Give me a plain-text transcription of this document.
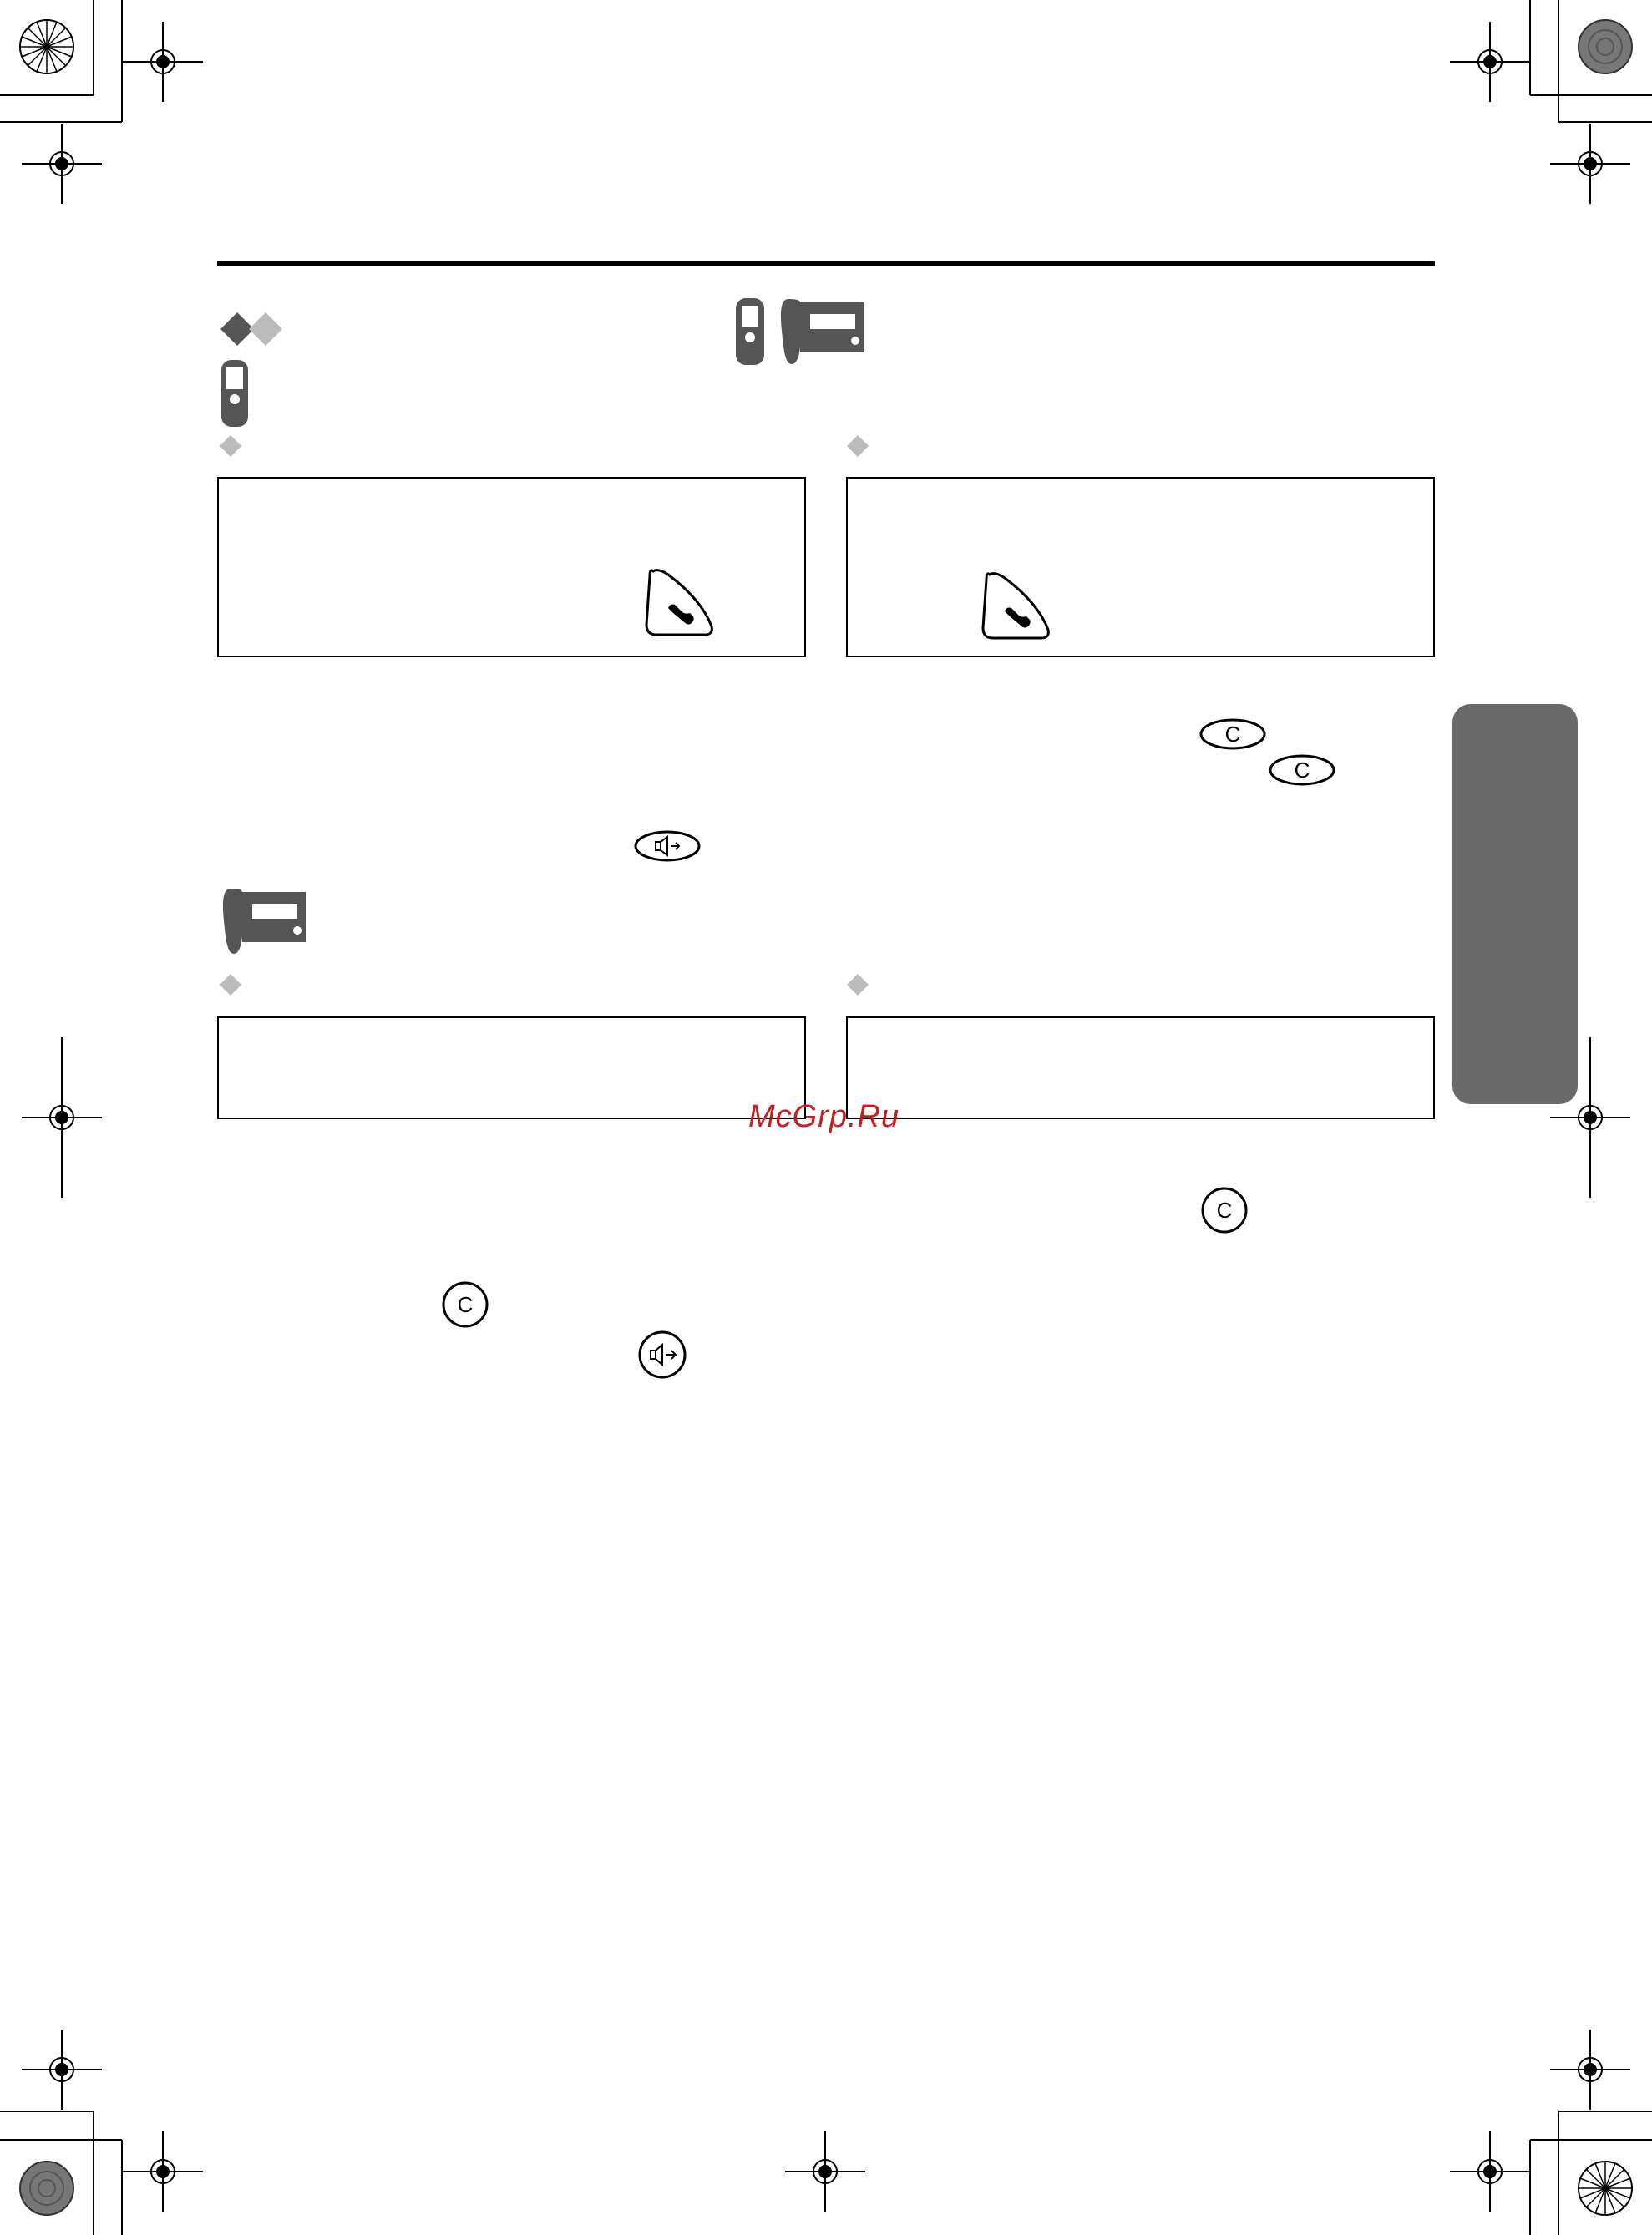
C
C
McGrp.Ru
C
C
